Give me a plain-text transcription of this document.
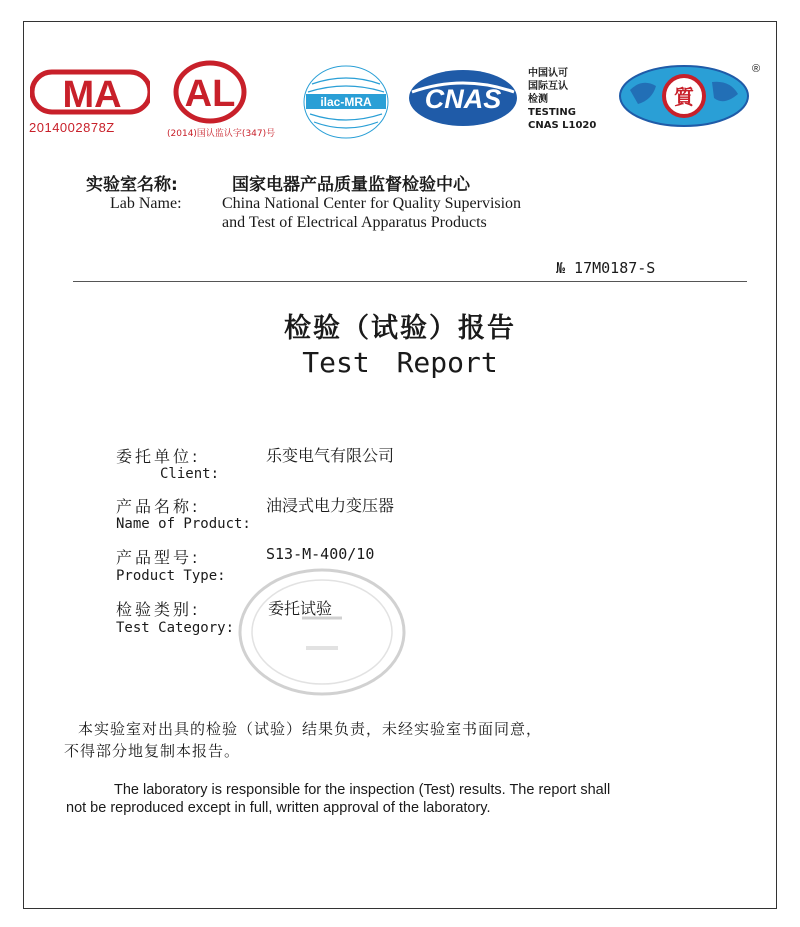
MA
2014002878Z
AL
(2014)国认监认字(347)号
ilac-MRA CNAS
中国认可
国际互认
检测
TESTING
CNAS L1020
質
®
实验室名称:	国家电器产品质量监督检验中心
Lab Name:	China National Center for Quality Supervision
and Test of Electrical Apparatus Products
№ 17M0187-S
检验（试验）报告
Test Report
委托单位:
Client:
乐变电气有限公司
产品名称:
Name of Product:
油浸式电力变压器
产品型号:
Product Type:
S13-M-400/10
检验类别:
Test Category:
委托试验
本实验室对出具的检验（试验）结果负责，未经实验室书面同意，
不得部分地复制本报告。
The laboratory is responsible for the inspection (Test) results. The report shall
not be reproduced except in full, written approval of the laboratory.
